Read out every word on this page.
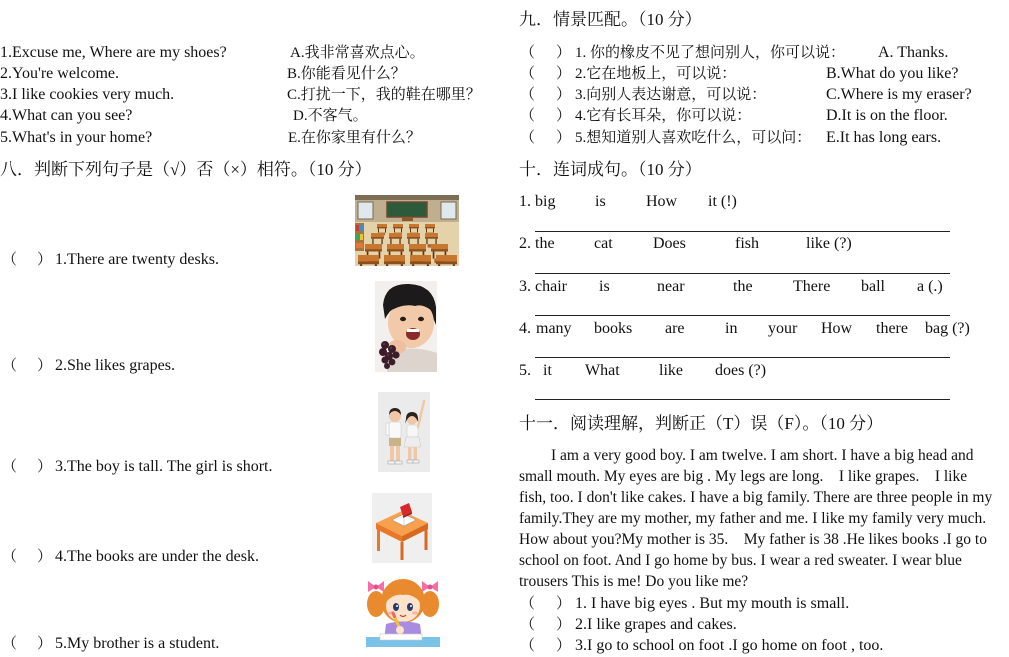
1.Excuse me, Where are my shoes?	A.我非常喜欢点心。
2.You're welcome.	B.你能看见什么？
3.I like cookies very much.	C.打扰一下，我的鞋在哪里？
4.What can you see?	D.不客气。
5.What's in your home?	E.在你家里有什么？
八．判断下列句子是（√）否（×）相符。（10 分）
（ ） 1.There are twenty desks.
（ ） 2.She likes grapes.
（ ） 3.The boy is tall. The girl is short.
（ ） 4.The books are under the desk.
（ ） 5.My brother is a student.
九．情景匹配。（10 分）
（ ） 1. 你的橡皮不见了想问别人，你可以说： A. Thanks.
（ ） 2.它在地板上，可以说：	B.What do you like?
（ ） 3.向别人表达谢意，可以说：	C.Where is my eraser?
（ ） 4.它有长耳朵，你可以说：	D.It is on the floor.
（ ） 5.想知道别人喜欢吃什么，可以问： E.It has long ears.
十．连词成句。（10 分）
1. big is	How it (!)
2. the cat	Does	fish	like (?)
3. chair is	near	the	There ball a (.)
4. many books are	in your How there bag (?)
5. it What like does (?)
十一．阅读理解，判断正（T）误（F）。（10 分）
I am a very good boy. I am twelve. I am short. I have a big head and
small mouth. My eyes are big . My legs are long.    I like grapes.    I like
fish, too. I don't like cakes. I have a big family. There are three people in my
family.They are my mother, my father and me. I like my family very much.
How about you?My mother is 35.    My father is 38 .He likes books .I go to
school on foot. And I go home by bus. I wear a red sweater. I wear blue
trousers This is me! Do you like me?
（ ） 1. I have big eyes . But my mouth is small.
（ ） 2.I like grapes and cakes.
（ ） 3.I go to school on foot .I go home on foot , too.
